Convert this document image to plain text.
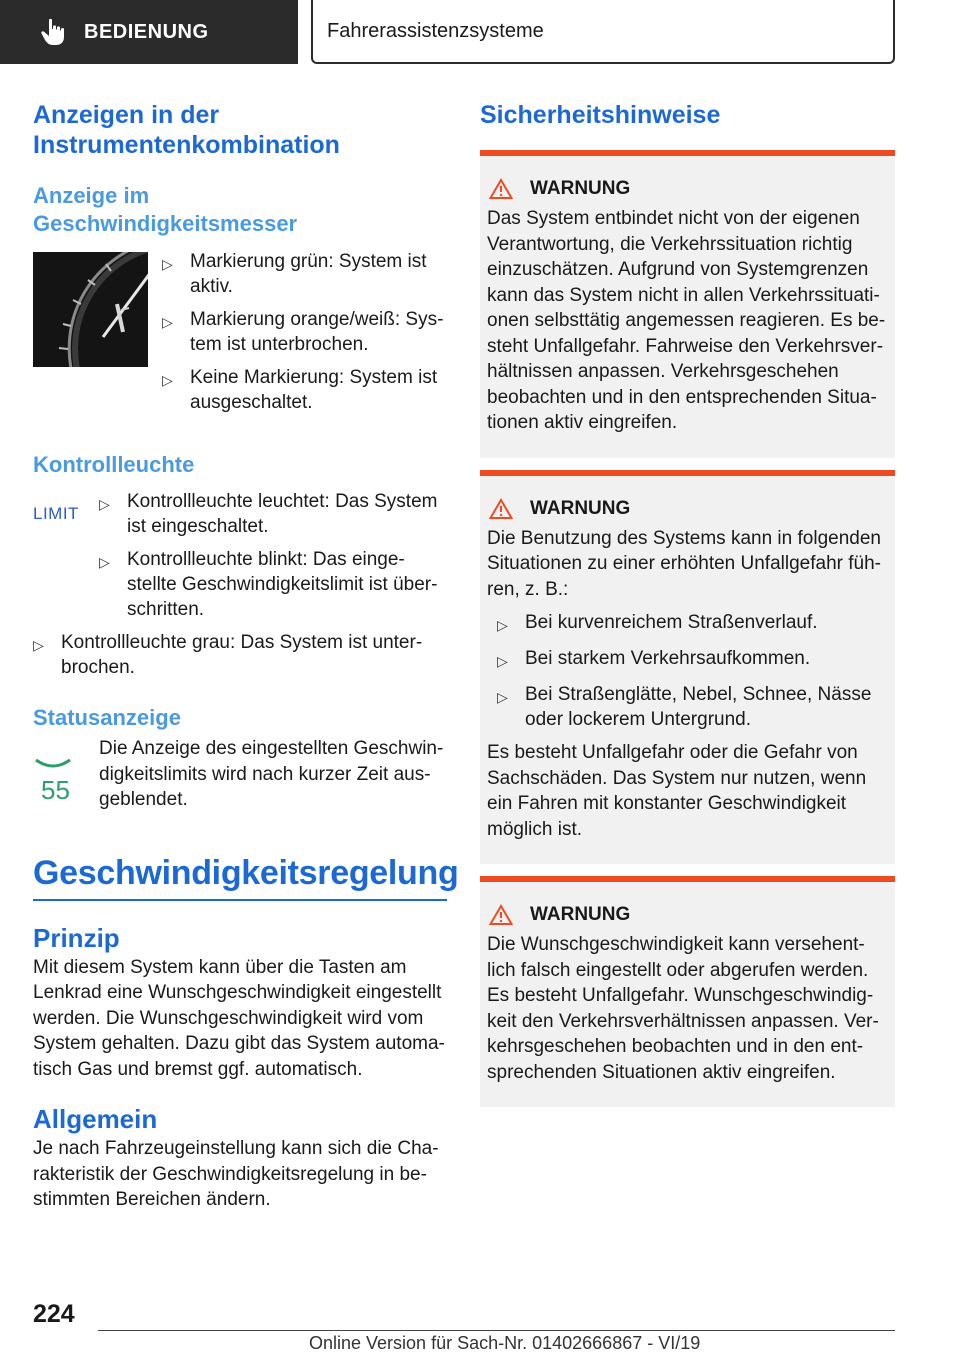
BEDIENUNG	Fahrerassistenzsysteme
Anzeigen in der Instrumentenkombination
Anzeige im Geschwindigkeitsmesser
▷ Markierung grün: System ist aktiv.
▷ Markierung orange/weiß: Sys- tem ist unterbrochen.
▷ Keine Markierung: System ist ausgeschaltet.
Kontrollleuchte
LIMIT	▷ Kontrollleuchte leuchtet: Das System ist eingeschaltet.
▷ Kontrollleuchte blinkt: Das einge- stellte Geschwindigkeitslimit ist über- schritten.
▷ Kontrollleuchte grau: Das System ist unter- brochen.
Statusanzeige
55
Die Anzeige des eingestellten Geschwin- digkeitslimits wird nach kurzer Zeit aus- geblendet.
Geschwindigkeitsregelung
Prinzip
Mit diesem System kann über die Tasten am Lenkrad eine Wunschgeschwindigkeit eingestellt werden. Die Wunschgeschwindigkeit wird vom System gehalten. Dazu gibt das System automa- tisch Gas und bremst ggf. automatisch.
Allgemein
Je nach Fahrzeugeinstellung kann sich die Cha- rakteristik der Geschwindigkeitsregelung in be- stimmten Bereichen ändern.
Sicherheitshinweise
WARNUNG
Das System entbindet nicht von der eigenen Verantwortung, die Verkehrssituation richtig einzuschätzen. Aufgrund von Systemgrenzen kann das System nicht in allen Verkehrssituati- onen selbsttätig angemessen reagieren. Es be- steht Unfallgefahr. Fahrweise den Verkehrsver- hältnissen anpassen. Verkehrsgeschehen beobachten und in den entsprechenden Situa- tionen aktiv eingreifen.
WARNUNG
Die Benutzung des Systems kann in folgenden Situationen zu einer erhöhten Unfallgefahr füh- ren, z. B.:
▷ Bei kurvenreichem Straßenverlauf.
▷ Bei starkem Verkehrsaufkommen.
▷ Bei Straßenglätte, Nebel, Schnee, Nässe oder lockerem Untergrund.
Es besteht Unfallgefahr oder die Gefahr von Sachschäden. Das System nur nutzen, wenn ein Fahren mit konstanter Geschwindigkeit möglich ist.
WARNUNG
Die Wunschgeschwindigkeit kann versehent- lich falsch eingestellt oder abgerufen werden. Es besteht Unfallgefahr. Wunschgeschwindig- keit den Verkehrsverhältnissen anpassen. Ver- kehrsgeschehen beobachten und in den ent- sprechenden Situationen aktiv eingreifen.
224
Online Version für Sach-Nr. 01402666867 - VI/19
